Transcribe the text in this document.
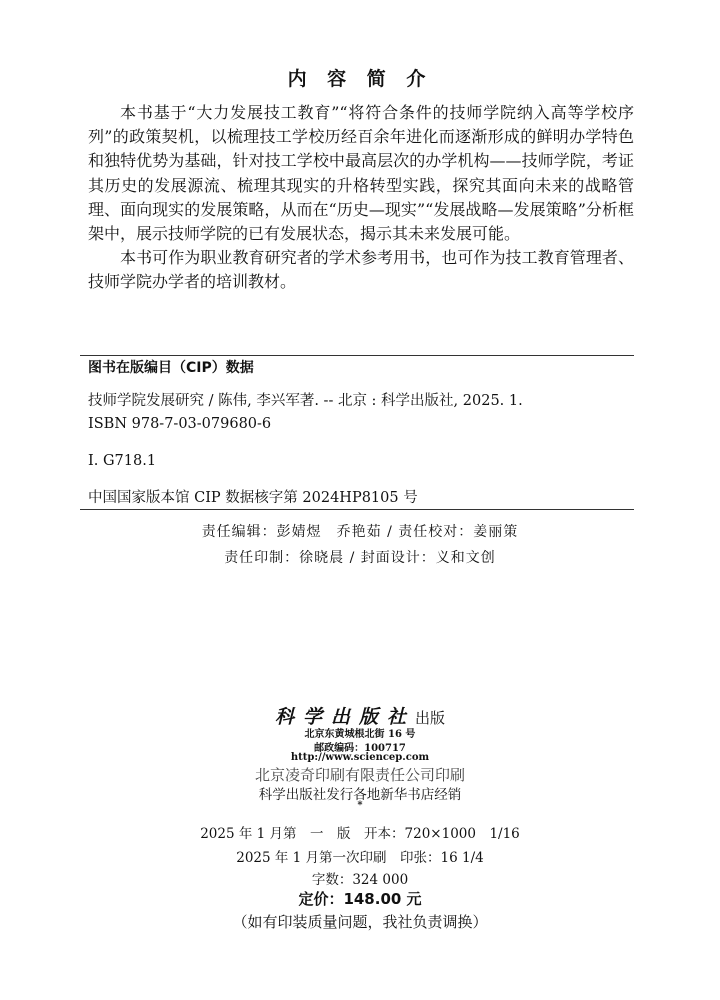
内 容 简 介

本书基于“大力发展技工教育”“将符合条件的技师学院纳入高等学校序列”的政策契机，以梳理技工学校历经百余年进化而逐渐形成的鲜明办学特色和独特优势为基础，针对技工学校中最高层次的办学机构——技师学院，考证其历史的发展源流、梳理其现实的升格转型实践，探究其面向未来的战略管理、面向现实的发展策略，从而在“历史—现实”“发展战略—发展策略”分析框架中，展示技师学院的已有发展状态，揭示其未来发展可能。

本书可作为职业教育研究者的学术参考用书，也可作为技工教育管理者、技师学院办学者的培训教材。

图书在版编目（CIP）数据
技师学院发展研究 / 陈伟, 李兴军著. -- 北京 : 科学出版社, 2025. 1.
ISBN 978-7-03-079680-6
Ⅰ. G718.1
中国国家版本馆 CIP 数据核字第 2024HP8105 号
责任编辑：彭婧煜　乔艳茹 / 责任校对：姜丽策
责任印制：徐晓晨 / 封面设计：义和文创
科学出版社出版
北京东黄城根北街 16 号
邮政编码：100717
http://www.sciencep.com
北京凌奇印刷有限责任公司印刷
科学出版社发行各地新华书店经销
*
2025 年 1 月第　一　版　开本：720×1000　1/16
2025 年 1 月第一次印刷　印张：16 1/4
字数：324 000
定价：148.00 元
（如有印装质量问题，我社负责调换）
